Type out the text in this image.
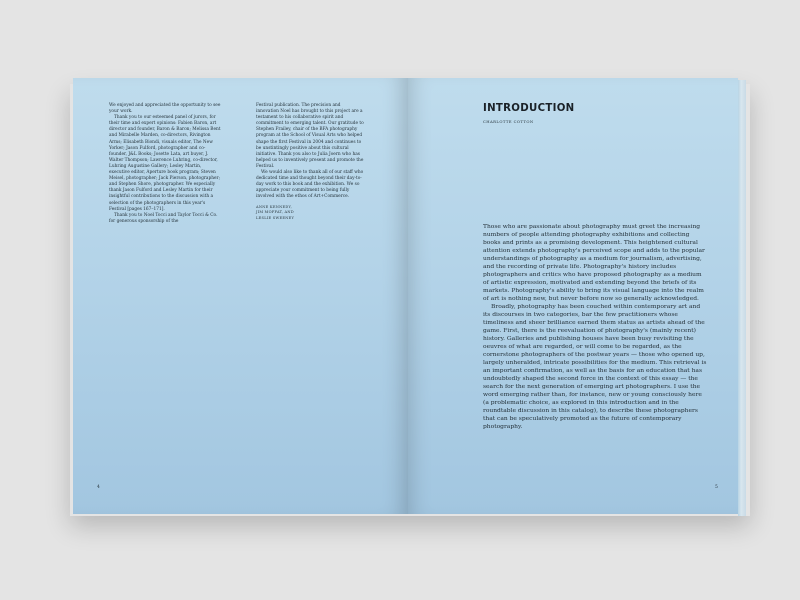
We enjoyed and appreciated the opportunity to see your work.

Thank you to our esteemed panel of jurors, for their time and expert opinions: Fabien Baron, art director and founder, Baron & Baron; Melissa Bent and Mirabelle Marden, co-directors, Rivington Arms; Elisabeth Biondi, visuals editor, The New Yorker; Jason Fulford, photographer and co-founder, J&L Books; Josette Lata, art buyer, J. Walter Thompson; Lawrence Luhring, co-director, Luhring Augustine Gallery; Lesley Martin, executive editor, Aperture book program; Steven Meisel, photographer; Jack Pierson, photographer; and Stephen Shore, photographer. We especially thank Jason Fulford and Lesley Martin for their insightful contributions to the discussion with a selection of the photographers in this year's Festival [pages 167–171].

Thank you to Noel Tocci and Taylor Tocci & Co. for generous sponsorship of the

Festival publication. The precision and innovation Noel has brought to this project are a testament to his collaborative spirit and commitment to emerging talent. Our gratitude to Stephen Frailey, chair of the BFA photography program at the School of Visual Arts who helped shape the first Festival in 2004 and continues to be unstintingly positive about this cultural initiative. Thank you also to Julia Joern who has helped us to inventively present and promote the Festival.

We would also like to thank all of our staff who dedicated time and thought beyond their day-to-day work to this book and the exhibition. We so appreciate your commitment to being fully involved with the ethos of Art+Commerce.

ANNE KENNEDY,
JIM MOFFAT, AND
LESLIE SWEENEY
4
INTRODUCTION
CHARLOTTE COTTON

Those who are passionate about photography must greet the increasing numbers of people attending photography exhibitions and collecting books and prints as a promising development. This heightened cultural attention extends photography's perceived scope and adds to the popular understandings of photography as a medium for journalism, advertising, and the recording of private life. Photography's history includes photographers and critics who have proposed photography as a medium of artistic expression, motivated and extending beyond the briefs of its markets. Photography's ability to bring its visual language into the realm of art is nothing new, but never before now so generally acknowledged.

Broadly, photography has been couched within contemporary art and its discourses in two categories, bar the few practitioners whose timeliness and sheer brilliance earned them status as artists ahead of the game. First, there is the reevaluation of photography's (mainly recent) history. Galleries and publishing houses have been busy revisiting the oeuvres of what are regarded, or will come to be regarded, as the cornerstone photographers of the postwar years — those who opened up, largely unheralded, intricate possibilities for the medium. This retrieval is an important confirmation, as well as the basis for an education that has undoubtedly shaped the second force in the context of this essay — the search for the next generation of emerging art photographers. I use the word emerging rather than, for instance, new or young consciously here (a problematic choice, as explored in this introduction and in the roundtable discussion in this catalog), to describe these photographers that can be speculatively promoted as the future of contemporary photography.

5
